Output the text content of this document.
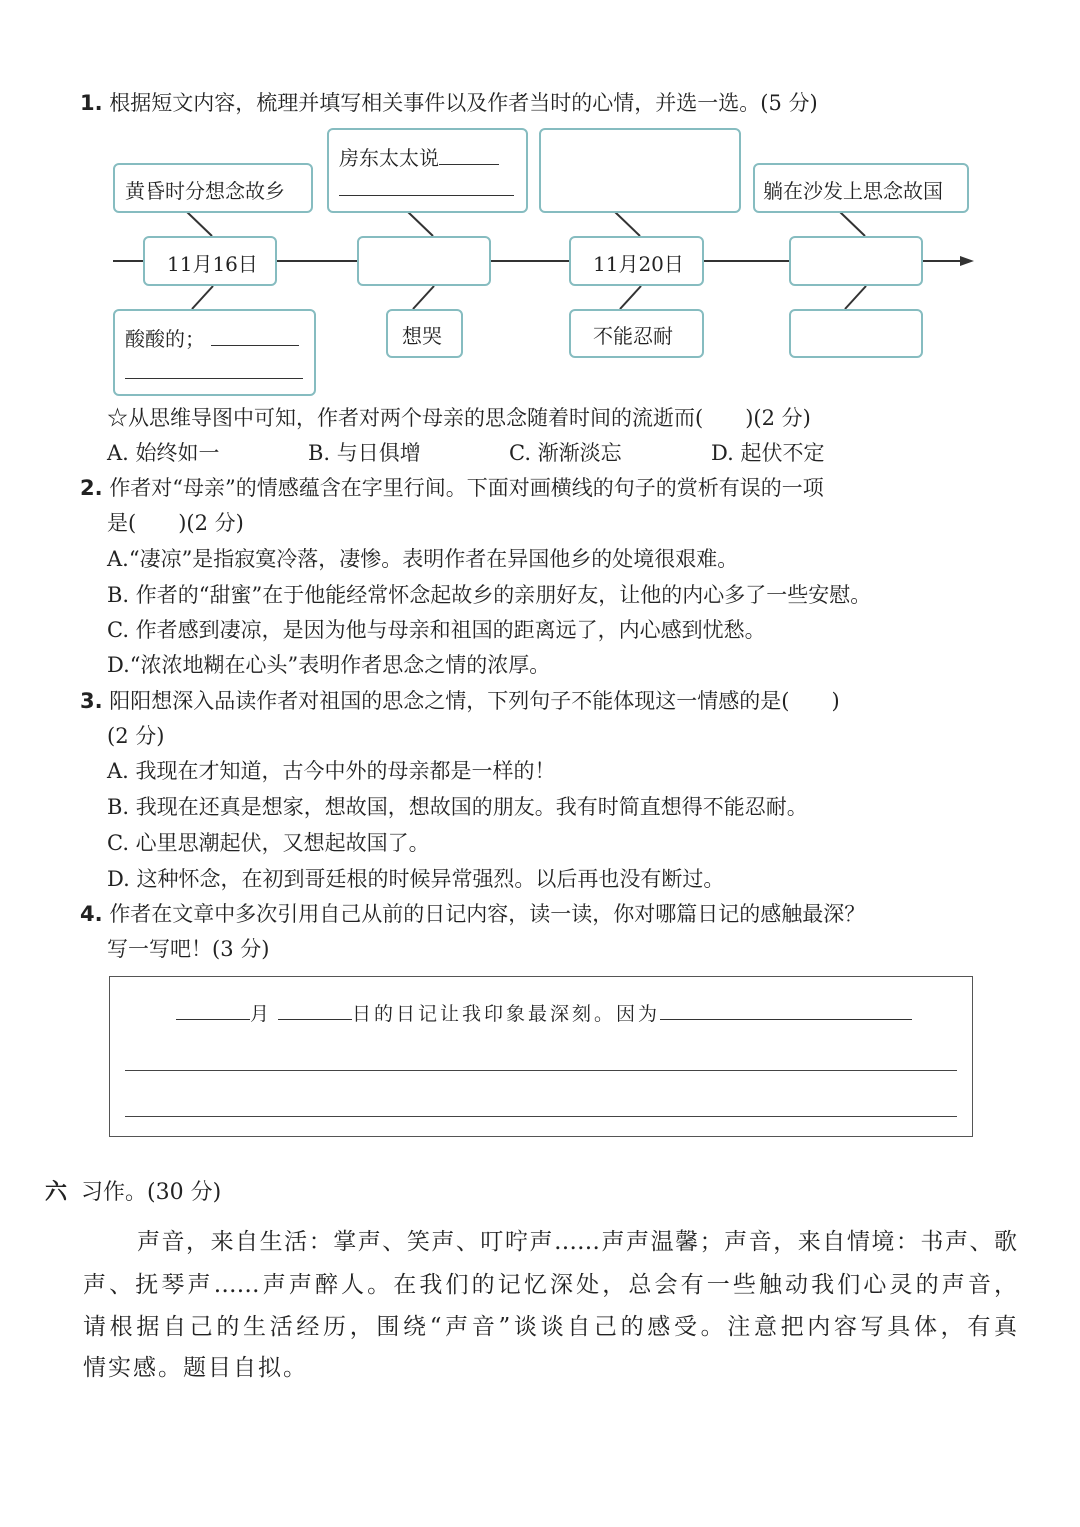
1. 根据短文内容，梳理并填写相关事件以及作者当时的心情，并选一选。(5 分)
黄昏时分想念故乡
房东太太说

躺在沙发上思念故国
11月16日	11月20日
酸酸的；	想哭	不能忍耐
☆从思维导图中可知，作者对两个母亲的思念随着时间的流逝而(　　)(2 分)
A. 始终如一	B. 与日俱增	C. 渐渐淡忘	D. 起伏不定
2. 作者对“母亲”的情感蕴含在字里行间。下面对画横线的句子的赏析有误的一项
是(　　)(2 分)
A.“凄凉”是指寂寞冷落，凄惨。表明作者在异国他乡的处境很艰难。
B. 作者的“甜蜜”在于他能经常怀念起故乡的亲朋好友，让他的内心多了一些安慰。
C. 作者感到凄凉，是因为他与母亲和祖国的距离远了，内心感到忧愁。
D.“浓浓地糊在心头”表明作者思念之情的浓厚。
3. 阳阳想深入品读作者对祖国的思念之情，下列句子不能体现这一情感的是(　　)
(2 分)
A. 我现在才知道，古今中外的母亲都是一样的！
B. 我现在还真是想家，想故国，想故国的朋友。我有时简直想得不能忍耐。
C. 心里思潮起伏，又想起故国了。
D. 这种怀念，在初到哥廷根的时候异常强烈。以后再也没有断过。
4. 作者在文章中多次引用自己从前的日记内容，读一读，你对哪篇日记的感触最深？
写一写吧！(3 分)
月	日的日记让我印象最深刻。因为
六 习作。(30 分)
声音，来自生活：掌声、笑声、叮咛声……声声温馨；声音，来自情境：书声、歌
声、抚琴声……声声醉人。在我们的记忆深处，总会有一些触动我们心灵的声音，
请根据自己的生活经历，围绕“声音”谈谈自己的感受。注意把内容写具体，有真
情实感。题目自拟。
